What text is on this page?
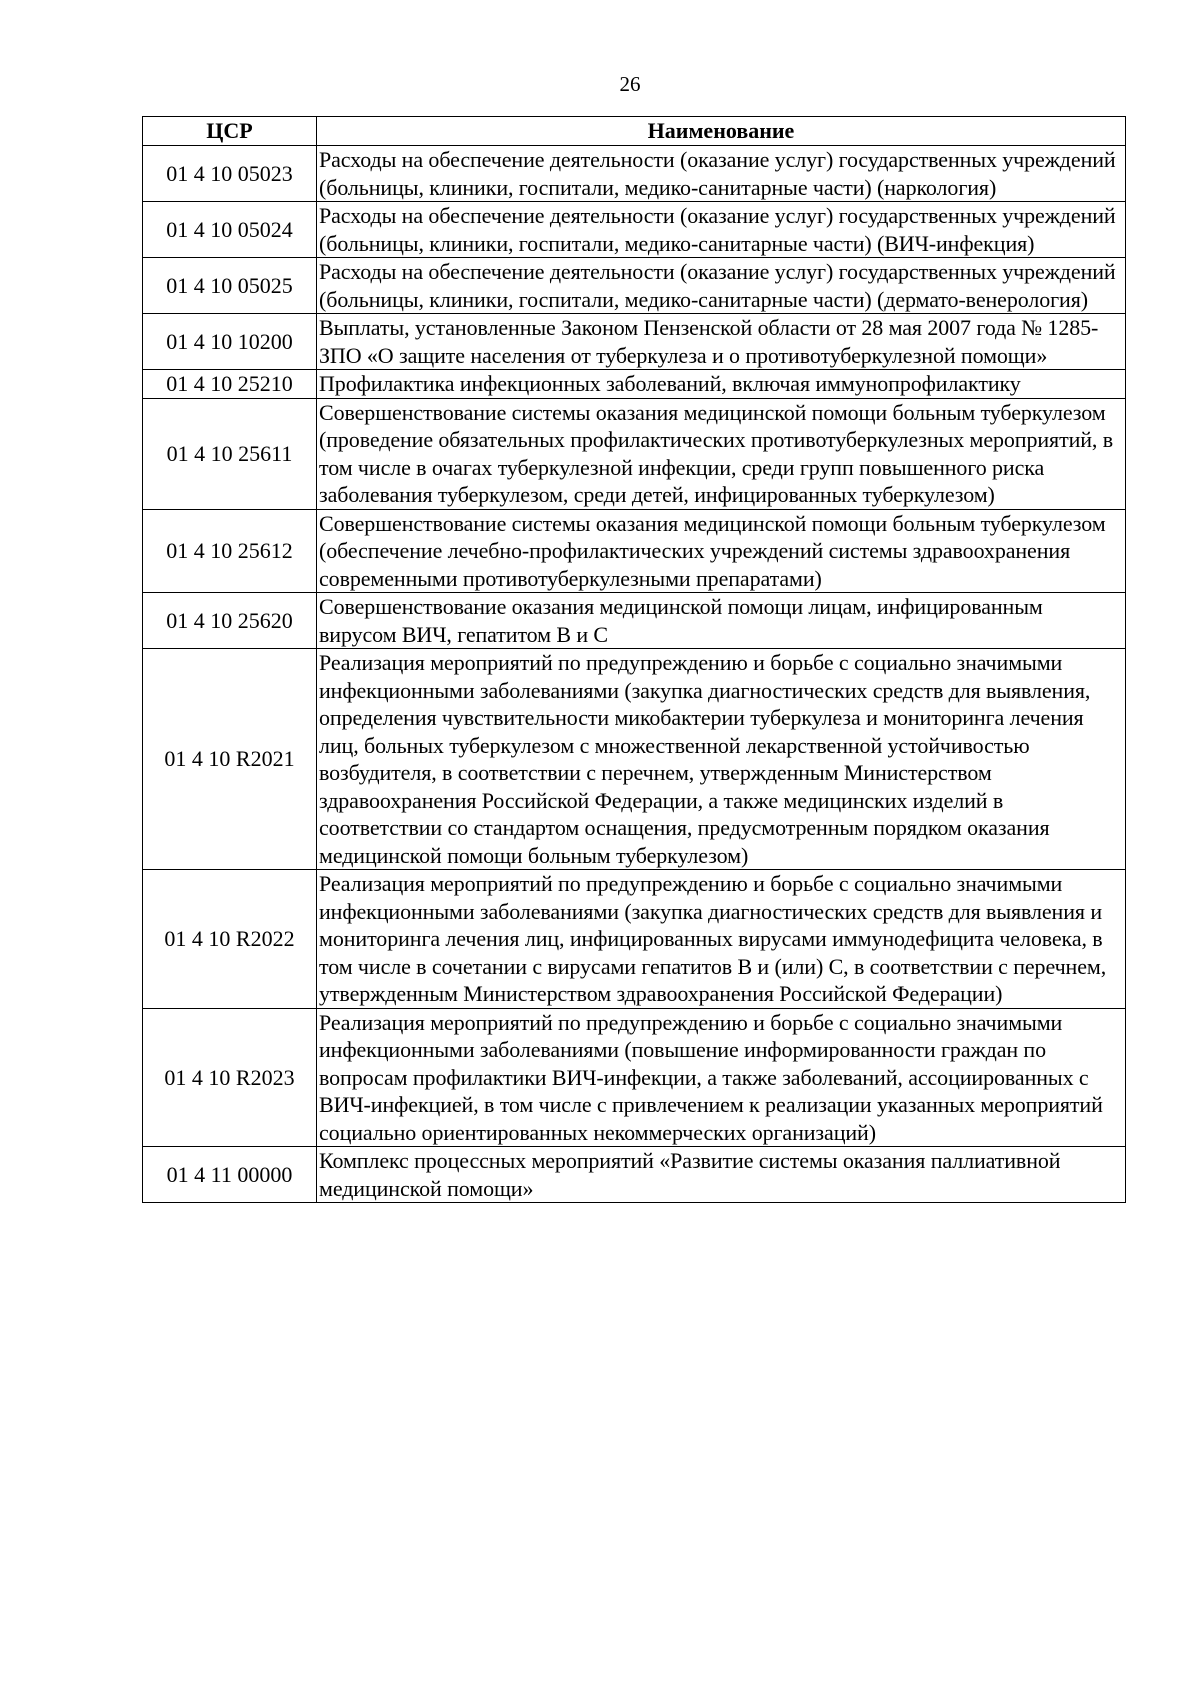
26
ЦСР	Наименование
01 4 10 05023	Расходы на обеспечение деятельности (оказание услуг) государственных учреждений (больницы, клиники, госпитали, медико-санитарные части) (наркология)
01 4 10 05024	Расходы на обеспечение деятельности (оказание услуг) государственных учреждений (больницы, клиники, госпитали, медико-санитарные части) (ВИЧ-инфекция)
01 4 10 05025	Расходы на обеспечение деятельности (оказание услуг) государственных учреждений (больницы, клиники, госпитали, медико-санитарные части) (дермато-венерология)
01 4 10 10200	Выплаты, установленные Законом Пензенской области от 28 мая 2007 года № 1285-ЗПО «О защите населения от туберкулеза и о противотуберкулезной помощи»
01 4 10 25210	Профилактика инфекционных заболеваний, включая иммунопрофилактику
01 4 10 25611	Совершенствование системы оказания медицинской помощи больным туберкулезом (проведение обязательных профилактических противотуберкулезных мероприятий, в том числе в очагах туберкулезной инфекции, среди групп повышенного риска заболевания туберкулезом, среди детей, инфицированных туберкулезом)
01 4 10 25612	Совершенствование системы оказания медицинской помощи больным туберкулезом (обеспечение лечебно-профилактических учреждений системы здравоохранения современными противотуберкулезными препаратами)
01 4 10 25620	Совершенствование оказания медицинской помощи лицам, инфицированным вирусом ВИЧ, гепатитом В и С
01 4 10 R2021	Реализация мероприятий по предупреждению и борьбе с социально значимыми инфекционными заболеваниями (закупка диагностических средств для выявления, определения чувствительности микобактерии туберкулеза и мониторинга лечения лиц, больных туберкулезом с множественной лекарственной устойчивостью возбудителя, в соответствии с перечнем, утвержденным Министерством здравоохранения Российской Федерации, а также медицинских изделий в соответствии со стандартом оснащения, предусмотренным порядком оказания медицинской помощи больным туберкулезом)
01 4 10 R2022	Реализация мероприятий по предупреждению и борьбе с социально значимыми инфекционными заболеваниями (закупка диагностических средств для выявления и мониторинга лечения лиц, инфицированных вирусами иммунодефицита человека, в том числе в сочетании с вирусами гепатитов В и (или) С, в соответствии с перечнем, утвержденным Министерством здравоохранения Российской Федерации)
01 4 10 R2023	Реализация мероприятий по предупреждению и борьбе с социально значимыми инфекционными заболеваниями (повышение информированности граждан по вопросам профилактики ВИЧ-инфекции, а также заболеваний, ассоциированных с ВИЧ-инфекцией, в том числе с привлечением к реализации указанных мероприятий социально ориентированных некоммерческих организаций)
01 4 11 00000	Комплекс процессных мероприятий «Развитие системы оказания паллиативной медицинской помощи»
